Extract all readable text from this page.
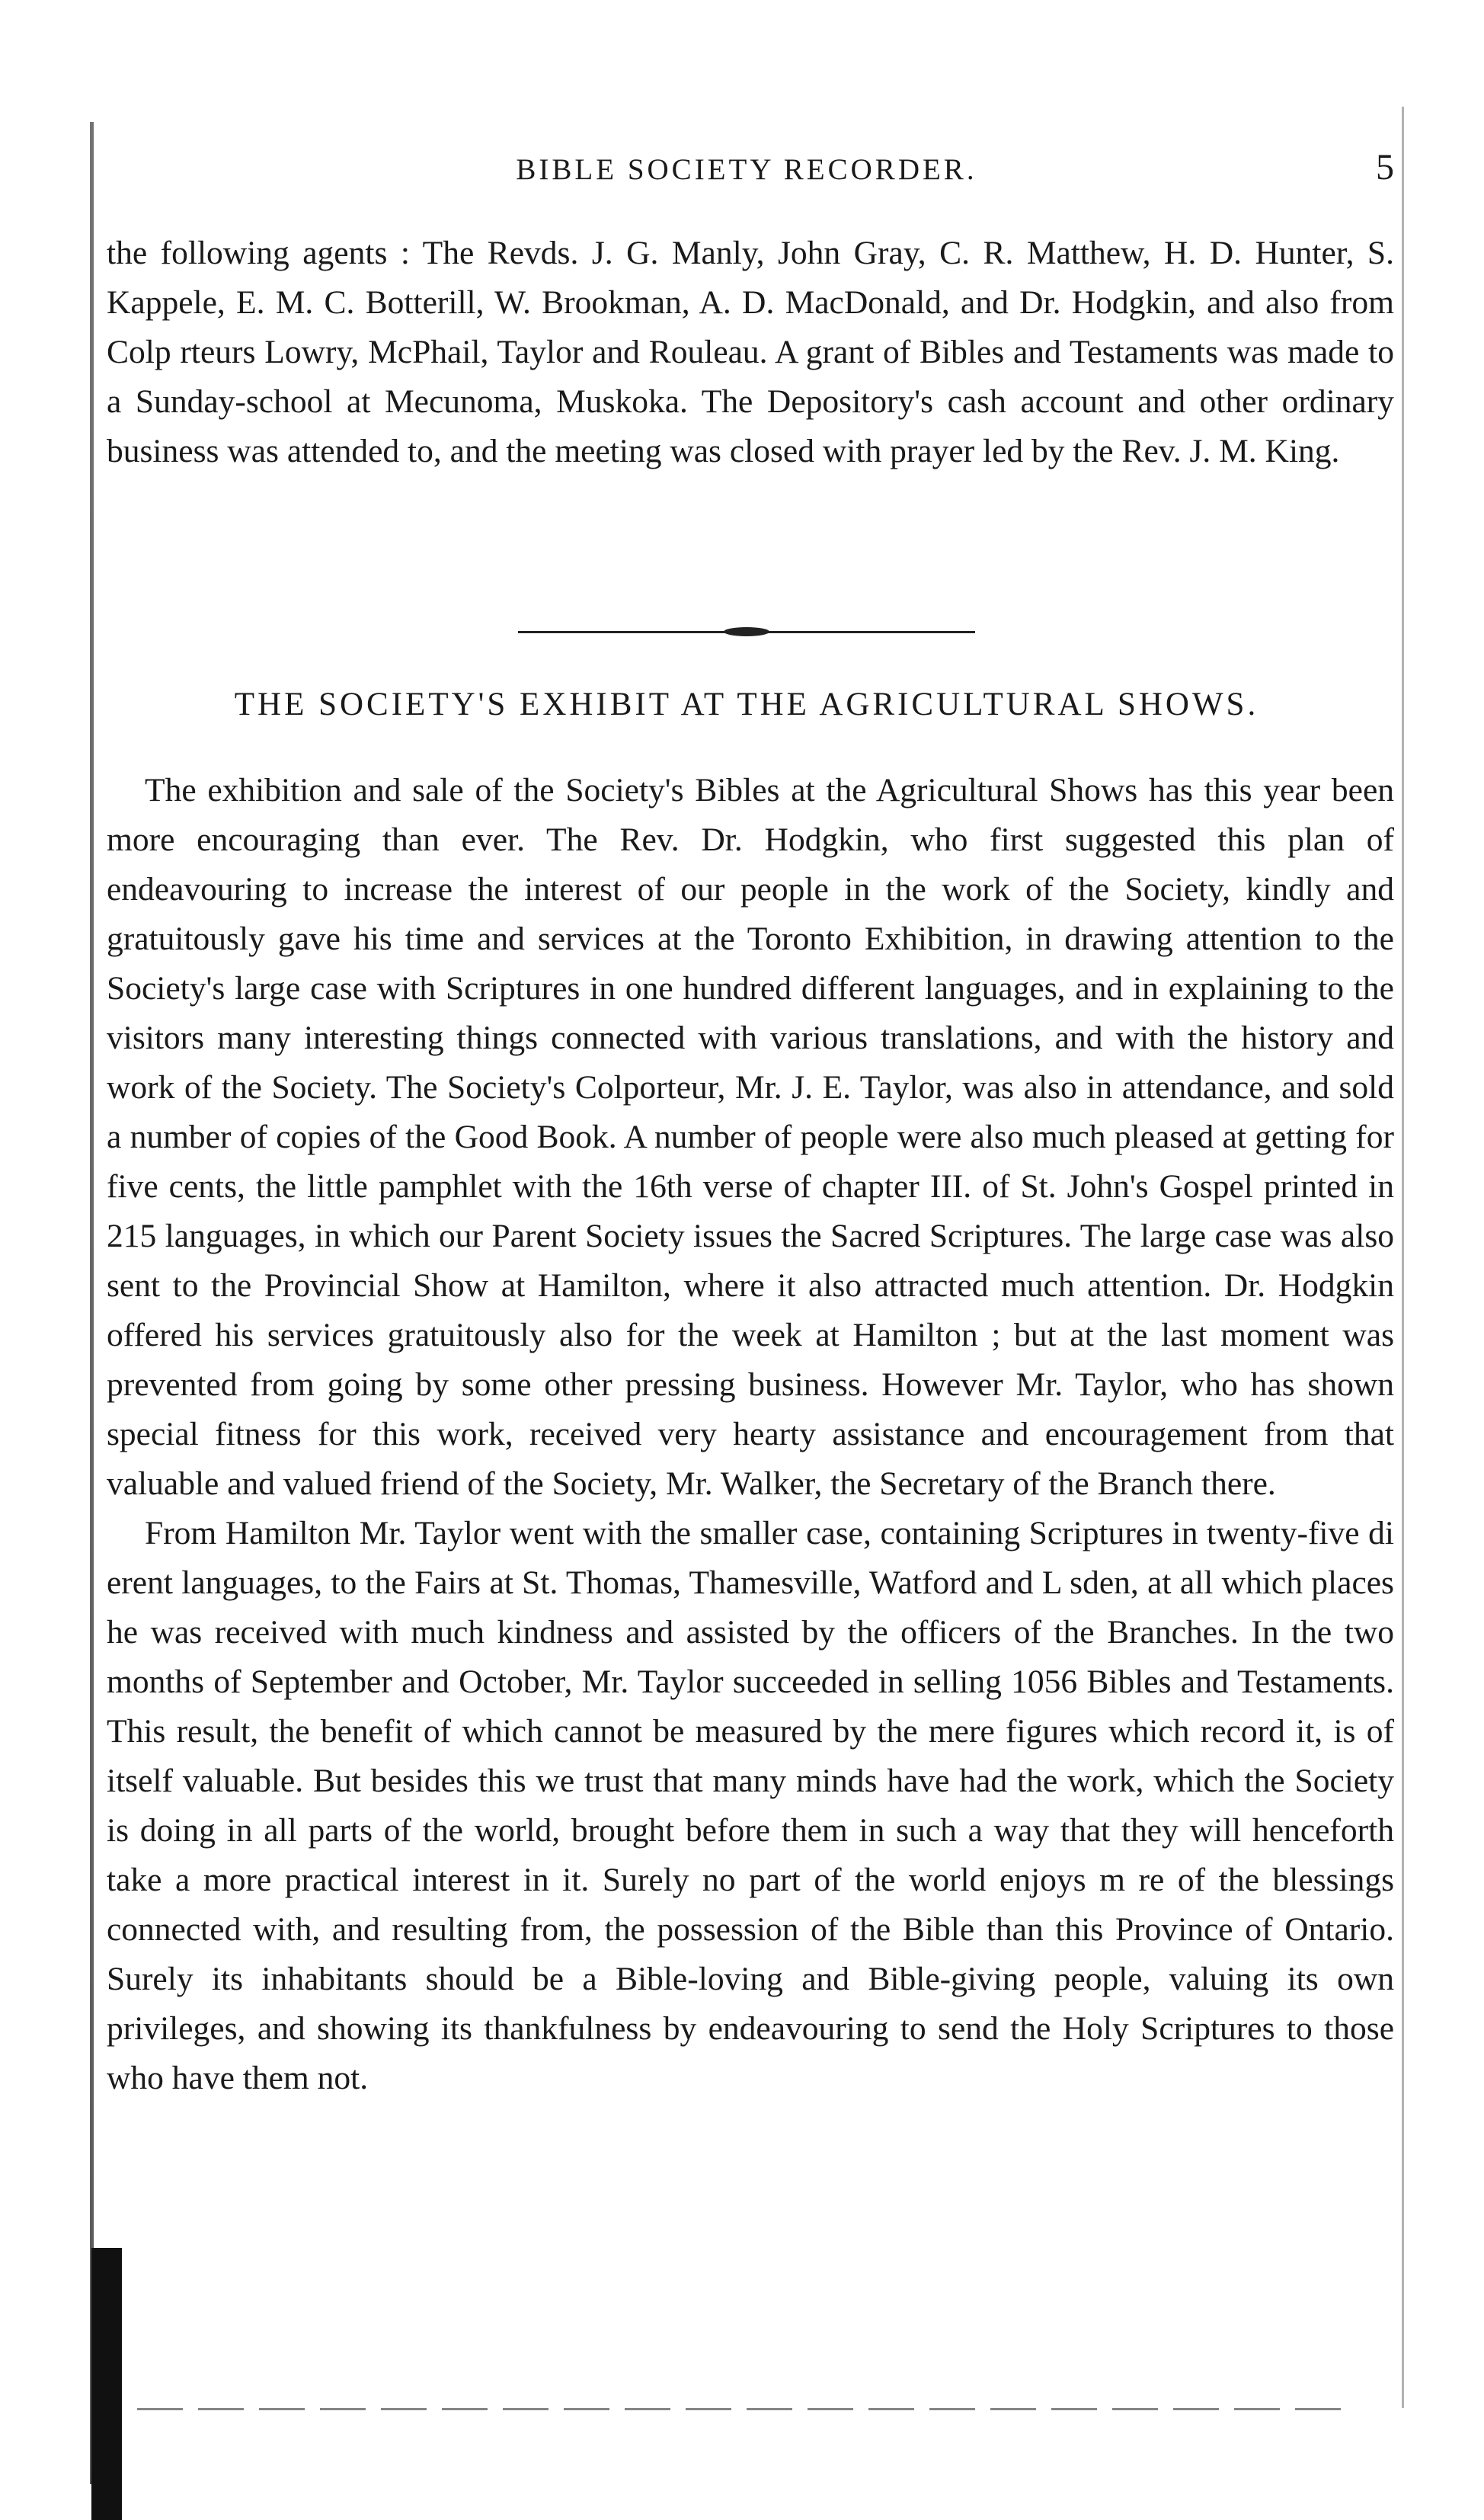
BIBLE SOCIETY RECORDER.	5

the following agents : The Revds. J. G. Manly, John Gray, C. R. Matthew, H. D. Hunter, S. Kappele, E. M. C. Botterill, W. Brookman, A. D. MacDonald, and Dr. Hodgkin, and also from Colp rteurs Lowry, McPhail, Taylor and Rouleau. A grant of Bibles and Testaments was made to a Sunday-school at Mecunoma, Muskoka. The Depository's cash account and other ordinary business was attended to, and the meeting was closed with prayer led by the Rev. J. M. King.

THE SOCIETY'S EXHIBIT AT THE AGRICULTURAL SHOWS.

The exhibition and sale of the Society's Bibles at the Agricultural Shows has this year been more encouraging than ever. The Rev. Dr. Hodgkin, who first suggested this plan of endeavouring to increase the interest of our people in the work of the Society, kindly and gratuitously gave his time and services at the Toronto Exhibition, in drawing attention to the Society's large case with Scriptures in one hundred different languages, and in explaining to the visitors many interesting things connected with various translations, and with the history and work of the Society. The Society's Colporteur, Mr. J. E. Taylor, was also in attendance, and sold a number of copies of the Good Book. A number of people were also much pleased at getting for five cents, the little pamphlet with the 16th verse of chapter III. of St. John's Gospel printed in 215 languages, in which our Parent Society issues the Sacred Scriptures. The large case was also sent to the Provincial Show at Hamilton, where it also attracted much attention. Dr. Hodgkin offered his services gratuitously also for the week at Hamilton ; but at the last moment was prevented from going by some other pressing business. However Mr. Taylor, who has shown special fitness for this work, received very hearty assistance and encouragement from that valuable and valued friend of the Society, Mr. Walker, the Secretary of the Branch there.

From Hamilton Mr. Taylor went with the smaller case, containing Scriptures in twenty-five di erent languages, to the Fairs at St. Thomas, Thamesville, Watford and L sden, at all which places he was received with much kindness and assisted by the officers of the Branches. In the two months of September and October, Mr. Taylor succeeded in selling 1056 Bibles and Testaments. This result, the benefit of which cannot be measured by the mere figures which record it, is of itself valuable. But besides this we trust that many minds have had the work, which the Society is doing in all parts of the world, brought before them in such a way that they will henceforth take a more practical interest in it. Surely no part of the world enjoys m re of the blessings connected with, and resulting from, the possession of the Bible than this Province of Ontario. Surely its inhabitants should be a Bible-loving and Bible-giving people, valuing its own privileges, and showing its thankfulness by endeavouring to send the Holy Scriptures to those who have them not.
